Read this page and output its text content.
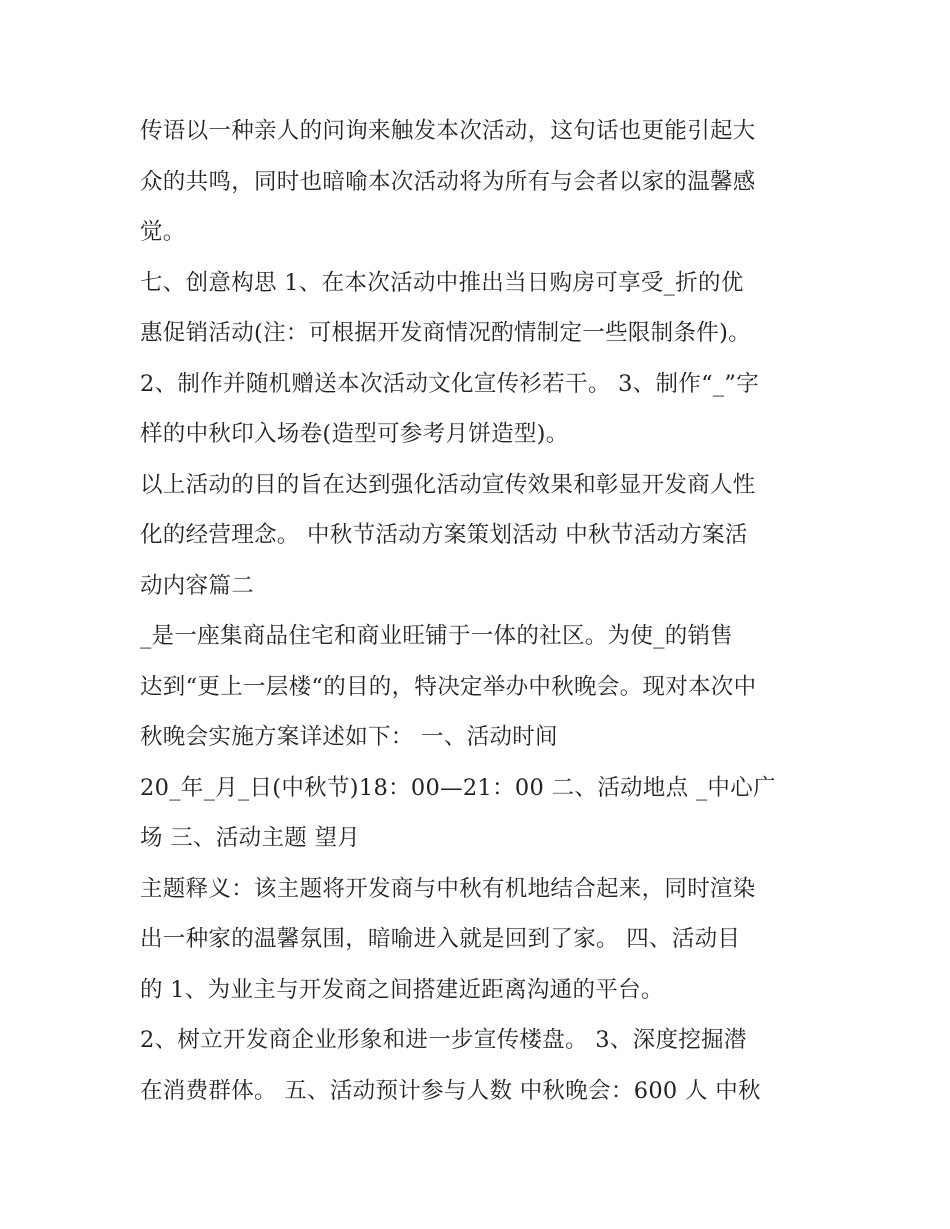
传语以一种亲人的问询来触发本次活动，这句话也更能引起大
众的共鸣，同时也暗喻本次活动将为所有与会者以家的温馨感
觉。

七、创意构思 1、在本次活动中推出当日购房可享受_折的优
惠促销活动(注：可根据开发商情况酌情制定一些限制条件)。

2、制作并随机赠送本次活动文化宣传衫若干。 3、制作“_”字
样的中秋印入场卷(造型可参考月饼造型)。

以上活动的目的旨在达到强化活动宣传效果和彰显开发商人性
化的经营理念。 中秋节活动方案策划活动 中秋节活动方案活
动内容篇二

_是一座集商品住宅和商业旺铺于一体的社区。为使_的销售
达到“更上一层楼“的目的，特决定举办中秋晚会。现对本次中
秋晚会实施方案详述如下： 一、活动时间

20_年_月_日(中秋节)18：00—21：00 二、活动地点 _中心广
场 三、活动主题 望月

主题释义：该主题将开发商与中秋有机地结合起来，同时渲染
出一种家的温馨氛围，暗喻进入就是回到了家。 四、活动目
的 1、为业主与开发商之间搭建近距离沟通的平台。

2、树立开发商企业形象和进一步宣传楼盘。 3、深度挖掘潜
在消费群体。 五、活动预计参与人数 中秋晚会：600 人 中秋
